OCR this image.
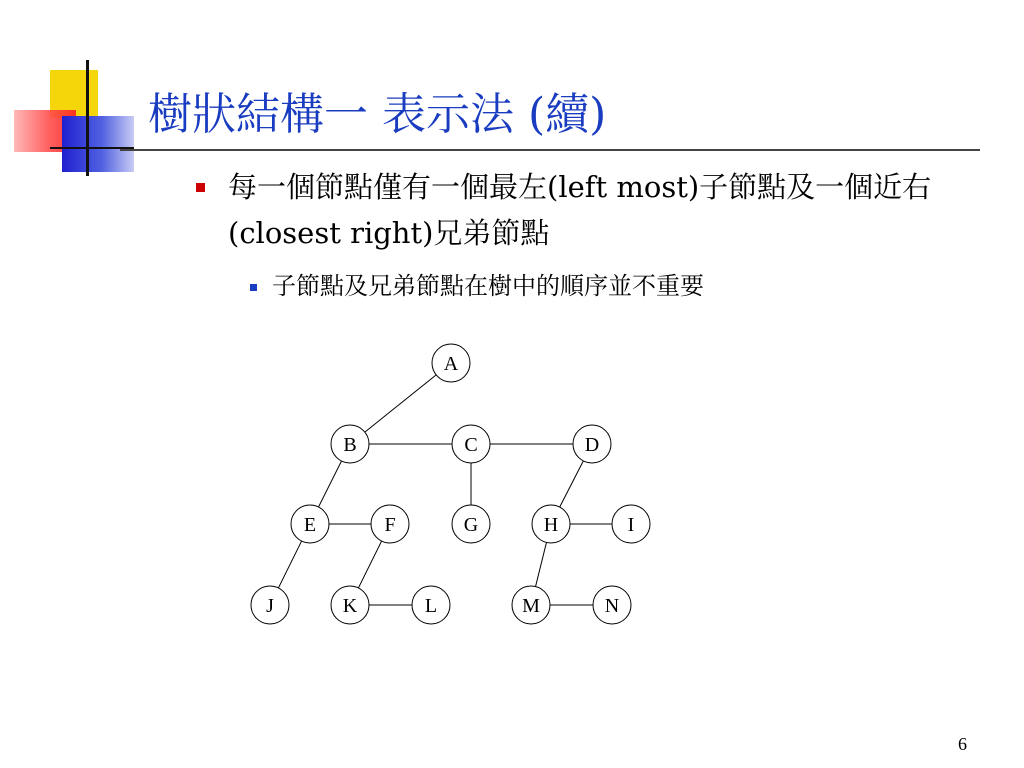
樹狀結構一 表示法 (續)
每一個節點僅有一個最左(left most)子節點及一個近右(closest right)兄弟節點
子節點及兄弟節點在樹中的順序並不重要
A
B	C	D
E	F	G	H	I
J	K	L	M	N
6
